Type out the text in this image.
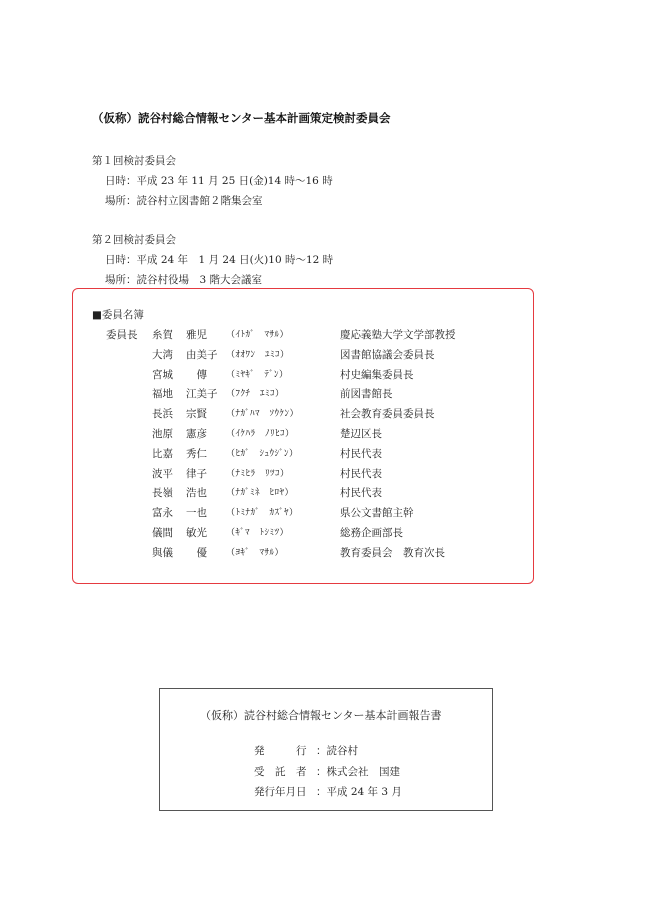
（仮称）読谷村総合情報センター基本計画策定検討委員会
第１回検討委員会
日時：平成 23 年 11 月 25 日(金)14 時～16 時
場所：読谷村立図書館２階集会室
第２回検討委員会
日時：平成 24 年　1 月 24 日(火)10 時～12 時
場所：読谷村役場　3 階大会議室
■委員名簿
委員長 糸賀 雅児 （ｲﾄｶﾞ　ﾏｻﾙ）	慶応義塾大学文学部教授
大湾 由美子 （ｵｵﾜﾝ　ﾕﾐｺ）	図書館協議会委員長
宮城 　傳 （ﾐﾔｷﾞ　ﾃﾞﾝ）	村史編集委員長
福地 江美子 （ﾌｸﾁ　ｴﾐｺ）	前図書館長
長浜 宗賢 （ﾅｶﾞﾊﾏ　ｿｳｹﾝ）	社会教育委員委員長
池原 憲彦 （ｲｹﾊﾗ　ﾉﾘﾋｺ）	楚辺区長
比嘉 秀仁 （ﾋｶﾞ　ｼｭｳｼﾞﾝ）	村民代表
波平 律子 （ﾅﾐﾋﾗ　ﾘﾂｺ）	村民代表
長嶺 浩也 （ﾅｶﾞﾐﾈ　ﾋﾛﾔ）	村民代表
富永 一也 （ﾄﾐﾅｶﾞ　ｶｽﾞﾔ）	県公文書館主幹
儀間 敏光 （ｷﾞﾏ　ﾄｼﾐﾂ）	総務企画部長
與儀 　優 （ﾖｷﾞ　ﾏｻﾙ）	教育委員会　教育次長
（仮称）読谷村総合情報センター基本計画報告書
発　　　行 ：読谷村
受　託　者 ：株式会社　国建
発行年月日 ：平成 24 年 3 月
